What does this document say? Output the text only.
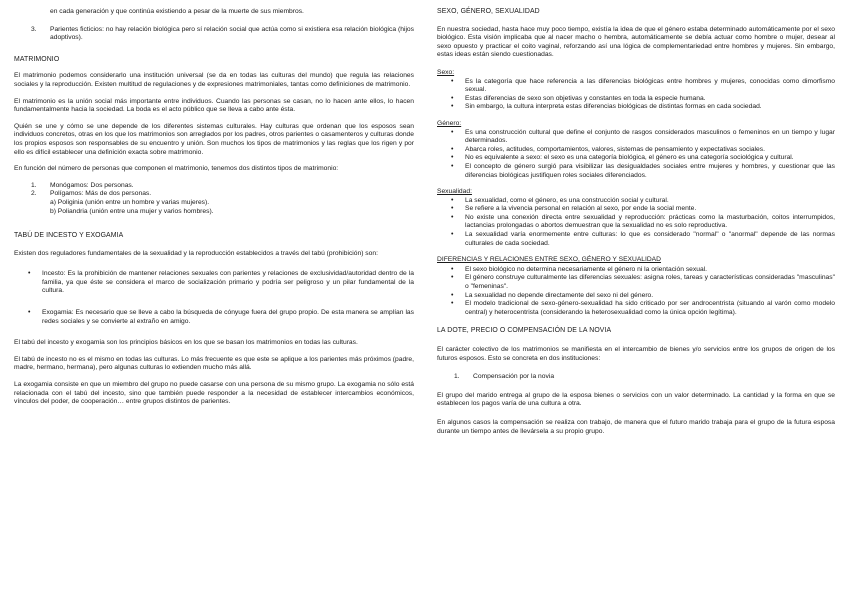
en cada generación y que continúa existiendo a pesar de la muerte de sus miembros.

3. Parientes ficticios: no hay relación biológica pero sí relación social que actúa como si existiera esa relación biológica (hijos adoptivos).
MATRIMONIO

El matrimonio podemos considerarlo una institución universal (se da en todas las culturas del mundo) que regula las relaciones sociales y la reproducción. Existen multitud de regulaciones y de expresiones matrimoniales, tantas como definiciones de matrimonio.

El matrimonio es la unión social más importante entre individuos. Cuando las personas se casan, no lo hacen ante ellos, lo hacen fundamentalmente hacia la sociedad. La boda es el acto público que se lleva a cabo ante ésta.

Quién se une y cómo se une depende de los diferentes sistemas culturales. Hay culturas que ordenan que los esposos sean individuos concretos, otras en los que los matrimonios son arreglados por los padres, otros parientes o casamenteros y culturas donde los propios esposos son responsables de su encuentro y unión. Son muchos los tipos de matrimonios y las reglas que los rigen y por ello es difícil establecer una definición exacta sobre matrimonio.

En función del número de personas que componen el matrimonio, tenemos dos distintos tipos de matrimonio:

1. Monógamos: Dos personas.
2. Polígamos: Más de dos personas.
a) Poliginia (unión entre un hombre y varias mujeres).
b) Poliandria (unión entre una mujer y varios hombres).
TABÚ DE INCESTO Y EXOGAMIA

Existen dos reguladores fundamentales de la sexualidad y la reproducción establecidos a través del tabú (prohibición) son:

• Incesto: Es la prohibición de mantener relaciones sexuales con parientes y relaciones de exclusividad/autoridad dentro de la familia, ya que éste se considera el marco de socialización primario y podría ser peligroso y un pilar fundamental de la cultura.
• Exogamia: Es necesario que se lleve a cabo la búsqueda de cónyuge fuera del grupo propio. De esta manera se amplían las redes sociales y se convierte al extraño en amigo.

El tabú del incesto y exogamia son los principios básicos en los que se basan los matrimonios en todas las culturas.

El tabú de incesto no es el mismo en todas las culturas. Lo más frecuente es que este se aplique a los parientes más próximos (padre, madre, hermano, hermana), pero algunas culturas lo extienden mucho más allá.

La exogamia consiste en que un miembro del grupo no puede casarse con una persona de su mismo grupo. La exogamia no sólo está relacionada con el tabú del incesto, sino que también puede responder a la necesidad de establecer intercambios económicos, vínculos del poder, de cooperación… entre grupos distintos de parientes.

SEXO, GÉNERO, SEXUALIDAD

En nuestra sociedad, hasta hace muy poco tiempo, existía la idea de que el género estaba determinado automáticamente por el sexo biológico. Esta visión implicaba que al nacer macho o hembra, automáticamente se debía actuar como hombre o mujer, desear al sexo opuesto y practicar el coito vaginal, reforzando así una lógica de complementariedad entre hombres y mujeres. Sin embargo, estas ideas están siendo cuestionadas.

Sexo:
• Es la categoría que hace referencia a las diferencias biológicas entre hombres y mujeres, conocidas como dimorfismo sexual.
• Estas diferencias de sexo son objetivas y constantes en toda la especie humana.
• Sin embargo, la cultura interpreta estas diferencias biológicas de distintas formas en cada sociedad.
Género:
• Es una construcción cultural que define el conjunto de rasgos considerados masculinos o femeninos en un tiempo y lugar determinados.
• Abarca roles, actitudes, comportamientos, valores, sistemas de pensamiento y expectativas sociales.
• No es equivalente a sexo: el sexo es una categoría biológica, el género es una categoría sociológica y cultural.
• El concepto de género surgió para visibilizar las desigualdades sociales entre mujeres y hombres, y cuestionar que las diferencias biológicas justifiquen roles sociales diferenciados.
Sexualidad:
• La sexualidad, como el género, es una construcción social y cultural.
• Se refiere a la vivencia personal en relación al sexo, por ende la social mente.
• No existe una conexión directa entre sexualidad y reproducción: prácticas como la masturbación, coitos interrumpidos, lactancias prolongadas o abortos demuestran que la sexualidad no es solo reproductiva.
• La sexualidad varía enormemente entre culturas: lo que es considerado "normal" o "anormal" depende de las normas culturales de cada sociedad.
DIFERENCIAS Y RELACIONES ENTRE SEXO, GÉNERO Y SEXUALIDAD
• El sexo biológico no determina necesariamente el género ni la orientación sexual.
• El género construye culturalmente las diferencias sexuales: asigna roles, tareas y características consideradas "masculinas" o "femeninas".
• La sexualidad no depende directamente del sexo ni del género.
• El modelo tradicional de sexo-género-sexualidad ha sido criticado por ser androcentrista (situando al varón como modelo central) y heterocentrista (considerando la heterosexualidad como la única opción legítima).
LA DOTE, PRECIO O COMPENSACIÓN DE LA NOVIA

El carácter colectivo de los matrimonios se manifiesta en el intercambio de bienes y/o servicios entre los grupos de origen de los futuros esposos. Esto se concreta en dos instituciones:

1. Compensación por la novia

El grupo del marido entrega al grupo de la esposa bienes o servicios con un valor determinado. La cantidad y la forma en que se establecen los pagos varía de una cultura a otra.

En algunos casos la compensación se realiza con trabajo, de manera que el futuro marido trabaja para el grupo de la futura esposa durante un tiempo antes de llevársela a su propio grupo.
